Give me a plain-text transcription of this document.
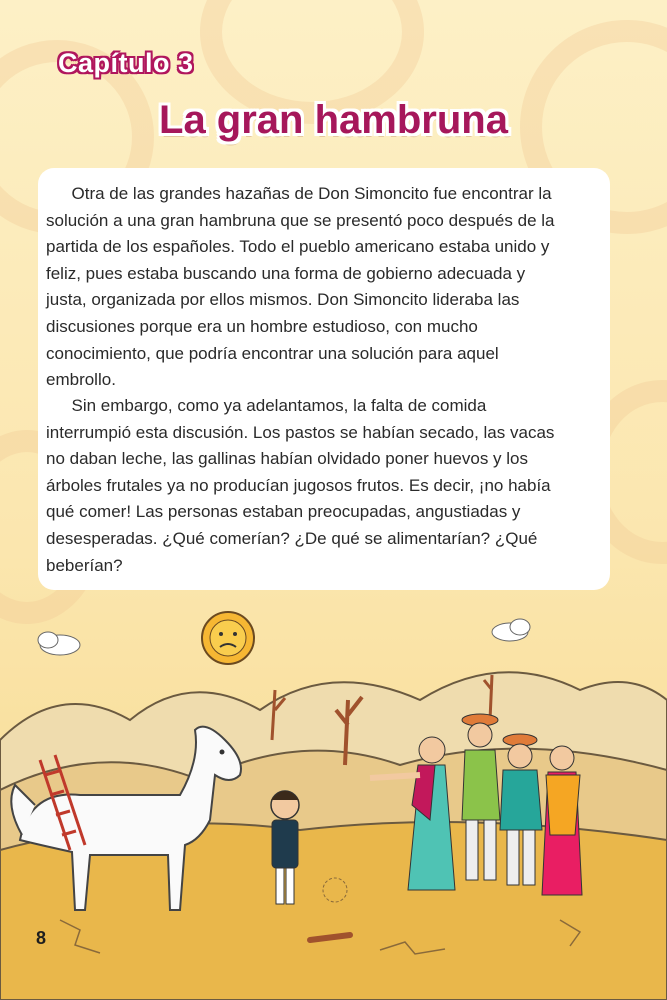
Capítulo 3
La gran hambruna

  Otra de las grandes hazañas de Don Simoncito fue encontrar la solución a una gran hambruna que se presentó poco después de la partida de los españoles. Todo el pueblo americano estaba unido y feliz, pues estaba buscando una forma de gobierno adecuada y justa, organizada por ellos mismos. Don Simoncito lideraba las discusiones porque era un hombre estudioso, con mucho conocimiento, que podría encontrar una solución para aquel embrollo.

  Sin embargo, como ya adelantamos, la falta de comida interrumpió esta discusión. Los pastos se habían secado, las vacas no daban leche, las gallinas habían olvidado poner huevos y los árboles frutales ya no producían jugosos frutos. Es decir, ¡no había qué comer! Las personas estaban preocupadas, angustiadas y desesperadas. ¿Qué comerían? ¿De qué se alimentarían? ¿Qué beberían?

8
